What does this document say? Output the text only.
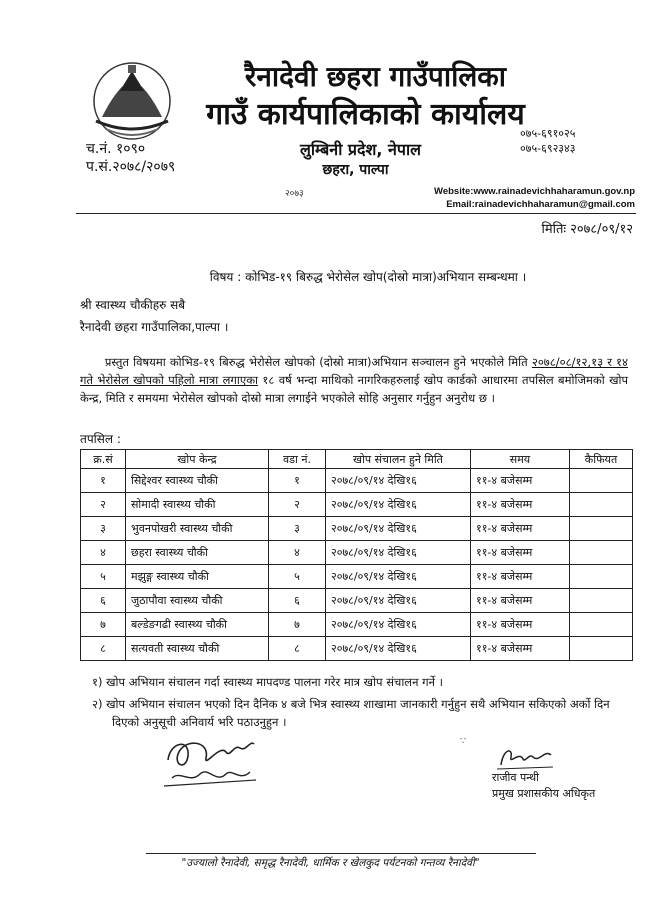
रैनादेवी छहरा गाउँपालिका
गाउँ कार्यपालिकाको कार्यालय
लुम्बिनी प्रदेश, नेपाल
छहरा, पाल्पा
२०७३
०७५-६९१०२५
०७५-६९२३४३
च.नं. १०९०
प.सं.२०७८/२०७९
Website:www.rainadevichhaharamun.gov.np
Email:rainadevichhaharamun@gmail.com
मितिः २०७८/०९/१२
विषय : कोभिड-१९ बिरुद्ध भेरोसेल खोप(दोस्रो मात्रा)अभियान सम्बन्धमा ।
श्री स्वास्थ्य चौकीहरु सबै
रैनादेवी छहरा गाउँपालिका,पाल्पा ।
प्रस्तुत विषयमा कोभिड-१९ बिरुद्ध भेरोसेल खोपको (दोस्रो मात्रा)अभियान सञ्चालन हुने भएकोले मिति २०७८/०८/१२,१३ र १४ गते भेरोसेल खोपको पहिलो मात्रा लगाएका १८ वर्ष भन्दा माथिको नागरिकहरुलाई खोप कार्डको आधारमा तपसिल बमोजिमको खोप केन्द्र, मिति र समयमा भेरोसेल खोपको दोस्रो मात्रा लगाईने भएकोले सोहि अनुसार गर्नुहुन अनुरोध छ ।
तपसिल :
क्र.सं	खोप केन्द्र	वडा नं.	खोप संचालन हुने मिति	समय	कैफियत
१	सिद्देश्वर स्वास्थ्य चौकी	१	२०७८/०९/१४ देखि१६	११-४ बजेसम्म	
२	सोमादी स्वास्थ्य चौकी	२	२०७८/०९/१४ देखि१६	११-४ बजेसम्म	
३	भुवनपोखरी स्वास्थ्य चौकी	३	२०७८/०९/१४ देखि१६	११-४ बजेसम्म	
४	छहरा स्वास्थ्य चौकी	४	२०७८/०९/१४ देखि१६	११-४ बजेसम्म	
५	मझुङ्ग स्वास्थ्य चौकी	५	२०७८/०९/१४ देखि१६	११-४ बजेसम्म	
६	जुठापौवा स्वास्थ्य चौकी	६	२०७८/०९/१४ देखि१६	११-४ बजेसम्म	
७	बल्डेङगढी स्वास्थ्य चौकी	७	२०७८/०९/१४ देखि१६	११-४ बजेसम्म	
८	सत्यवती स्वास्थ्य चौकी	८	२०७८/०९/१४ देखि१६	११-४ बजेसम्म	

१) खोप अभियान संचालन गर्दा स्वास्थ्य मापदण्ड पालना गरेर मात्र खोप संचालन गर्ने ।

२) खोप अभियान संचालन भएको दिन दैनिक ४ बजे भित्र स्वास्थ्य शाखामा जानकारी गर्नुहुन सथै अभियान सकिएको अर्को दिन दिएको अनुसूची अनिवार्य भरि पठाउनुहुन ।

∵
राजीव पन्थी
प्रमुख प्रशासकीय अधिकृत
"उज्यालो रैनादेवी, समृद्ध रैनादेवी, धार्मिक र खेलकुद पर्यटनको गन्तव्य रैनादेवी"
